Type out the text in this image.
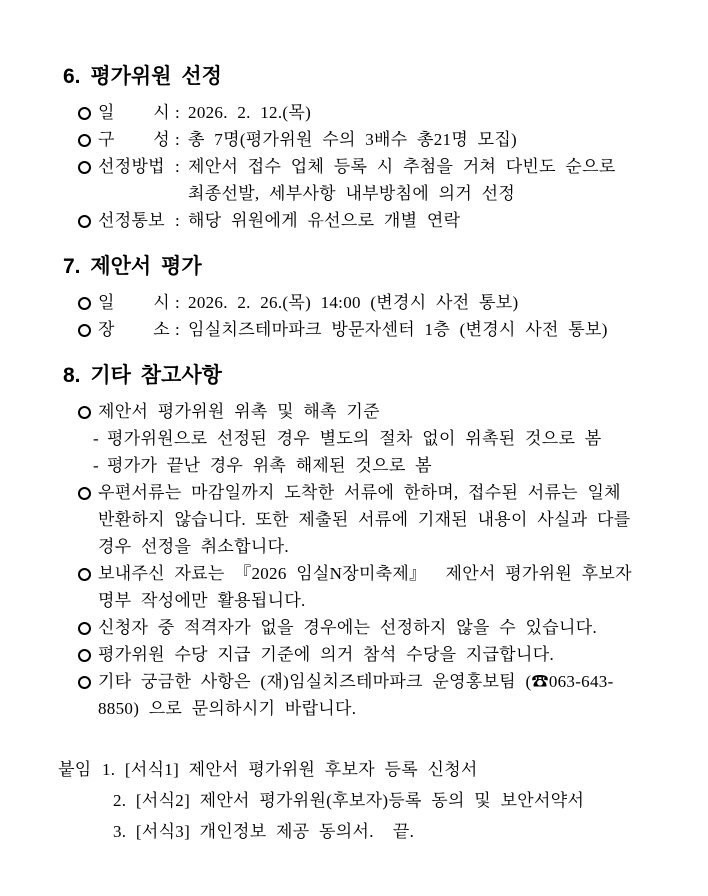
6. 평가위원 선정
일 시 : 2026. 2. 12.(목)
구 성 : 총 7명(평가위원 수의 3배수 총21명 모집)
선정방법 : 제안서 접수 업체 등록 시 추첨을 거쳐 다빈도 순으로
최종선발, 세부사항 내부방침에 의거 선정
선정통보 : 해당 위원에게 유선으로 개별 연락
7. 제안서 평가
일 시 : 2026. 2. 26.(목) 14:00 (변경시 사전 통보)
장 소 : 임실치즈테마파크 방문자센터 1층 (변경시 사전 통보)
8. 기타 참고사항
제안서 평가위원 위촉 및 해촉 기준
- 평가위원으로 선정된 경우 별도의 절차 없이 위촉된 것으로 봄
- 평가가 끝난 경우 위촉 해제된 것으로 봄
우편서류는 마감일까지 도착한 서류에 한하며, 접수된 서류는 일체
반환하지 않습니다. 또한 제출된 서류에 기재된 내용이 사실과 다를
경우 선정을 취소합니다.
보내주신 자료는 『2026 임실N장미축제』  제안서 평가위원 후보자
명부 작성에만 활용됩니다.
신청자 중 적격자가 없을 경우에는 선정하지 않을 수 있습니다.
평가위원 수당 지급 기준에 의거 참석 수당을 지급합니다.
기타 궁금한 사항은 (재)임실치즈테마파크 운영홍보팀 (☎063-643-
8850) 으로 문의하시기 바랍니다.
붙임 1. [서식1] 제안서 평가위원 후보자 등록 신청서
2. [서식2] 제안서 평가위원(후보자)등록 동의 및 보안서약서
3. [서식3] 개인정보 제공 동의서.  끝.
